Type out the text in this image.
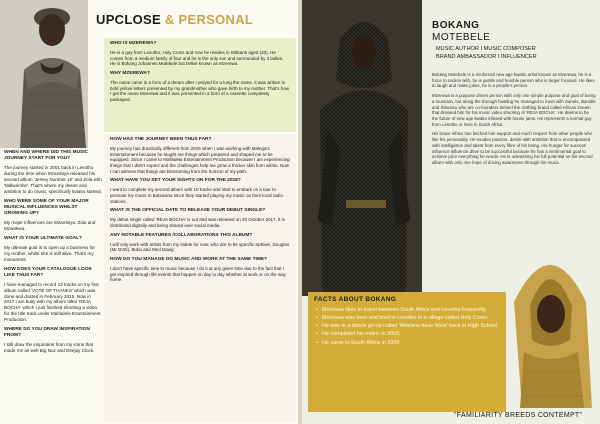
UPCLOSE & PERSONAL
WHEN AND WHERE DID THIS MUSIC JOURNEY START FOR YOU?

The journey started in 2001 back in Lesotho during the time when Mzambiya released his second album 'Jersey Number 10' and Zola with 'Mdlwembe'. That's where my desire and ambition to do music, specifically kwaito started.

WHO WERE SOME OF YOUR MAJOR MUSICAL INFLUENCES WHILST GROWING UP?

My major influences are Mzambiya, Zola and Mzwekwa.

WHAT IS YOUR ULTIMATE GOAL?

My ultimate goal is to open up a business for my mother, whilst she is still alive. That's my monument.

HOW DOES YOUR CATALOGUE LOOK LIKE THUS FAR?

I have managed to record 13 tracks on my first album called 'VOTE OF THANKS' which was done and dusted in February 2015. Now in 2017 I am busy with my album titled 'REJA BOCHA' which I just finished shooting a video for the title track under Mahlalela Entertainment Production.

WHERE DO YOU DRAW INSPIRATION FROM?

I still draw the inspiration from my icons that made me as well Big Nuz and Deejay Clock.

WHO IS MZEREWA?

He is a guy from Lesotho, Holy Cross and now he resides in Witbank aged (33). He comes from a medium family of four and he is the only son and surrounded by 3 ladies. He is Bokang Johannes Motebele but better known as Mzerewa.

WHY MZEREWA?

The name came in a form of a dream after I prayed for a long the name, it was written in bold yellow letters presented by my grandmother who gave birth to my mother. That's how I got the name Mzerewa and it was presented in a form of a cassette completely packaged.

HOW HAS THE JOURNEY BEEN THUS FAR?

My journey has drastically different from 2015 when I was working with Malega's Entertainment because he taught me things which prepared and shaped me to be equipped. Since I came to Mahlalela Entertainment Production because I am experiencing things that I didn't expect and the challenges help me grow a thicker skin from within. Now I can witness that things are blossoming from the horizon of my path.

WHAT HAVE YOU SET YOUR SIGHTS ON FOR THE 2018?

I want to complete my second album with 10 tracks and start to embark on a tour to promote my music in Botswana since they started playing my music on their local radio stations.

WHAT IS THE OFFICIAL DATE TO RELEASE YOUR DEBUT SINGLE?

My debut single called 'REJA BOCHA' is out and was released on 20 October 2017. It is distributed digitally and being shared over social media.

ANY NOTABLE FEATURES /COLLABORATIONS THIS ALBUM?

I will only work with artists from my stable for now, who are to be specific Sphiwe, Douglas (Mr DVD), Bubu and Med Dawg.

HOW DO YOU MANAGE DO MUSIC AND WORK AT THE SAME TIME?

I don't have specific time to music because I do it at any given time due to the fact that I get inspired through life events that happen on day to day whether at work or on the way home.

BOKANG
MOTEBELE
MUSIC AUTHOR I MUSIC COMPOSER
BRAND AMBASSADOR I INFLUENCER

Bokang Motebele is a reinforced new age kwaito artist known as Mzerewa, he is a force to reckon with, he is gentle and humble person who is larger focused. He likes to laugh and make jokes, he is a people's person.

Mzerewa is a purpose driven person with only one simple purpose and goal of being a musician, but along the through hustling he managed to meet with Sanele, Bandile and Sibusiso who are co-founders behind the clothing brand called African Dream that dressed him for his music video shooting of 'REJA BOCHA'. He deems to be the future of new age kwaito infused with house jams. He represents a normal guy from Lesotho or here in South Africa.

His brave ethics has fetched him support and much respect from other people who like his personality. He exudes passion, desire with ambition that is encompassed with intelligence and talent from every fibre of his being. His hunger for success influence influence drive to be successful because he has a sentimental goal to achieve prior everything he needs. He is unleashing his full potential on his second album with only one hope of driving awareness through his music.

FACTS ABOUT BOKANG
• Mzerewa likes to travel between South Africa and Lesotho frequently.
• Mzerewa was born and bred in Lesotho in a village called Holy Cross.
• He was in a dance group called 'Abafana base West' back in High School
• He completed his matric in 2003.
• He came to South Africa in 2005
"FAMILIARITY BREEDS CONTEMPT"
